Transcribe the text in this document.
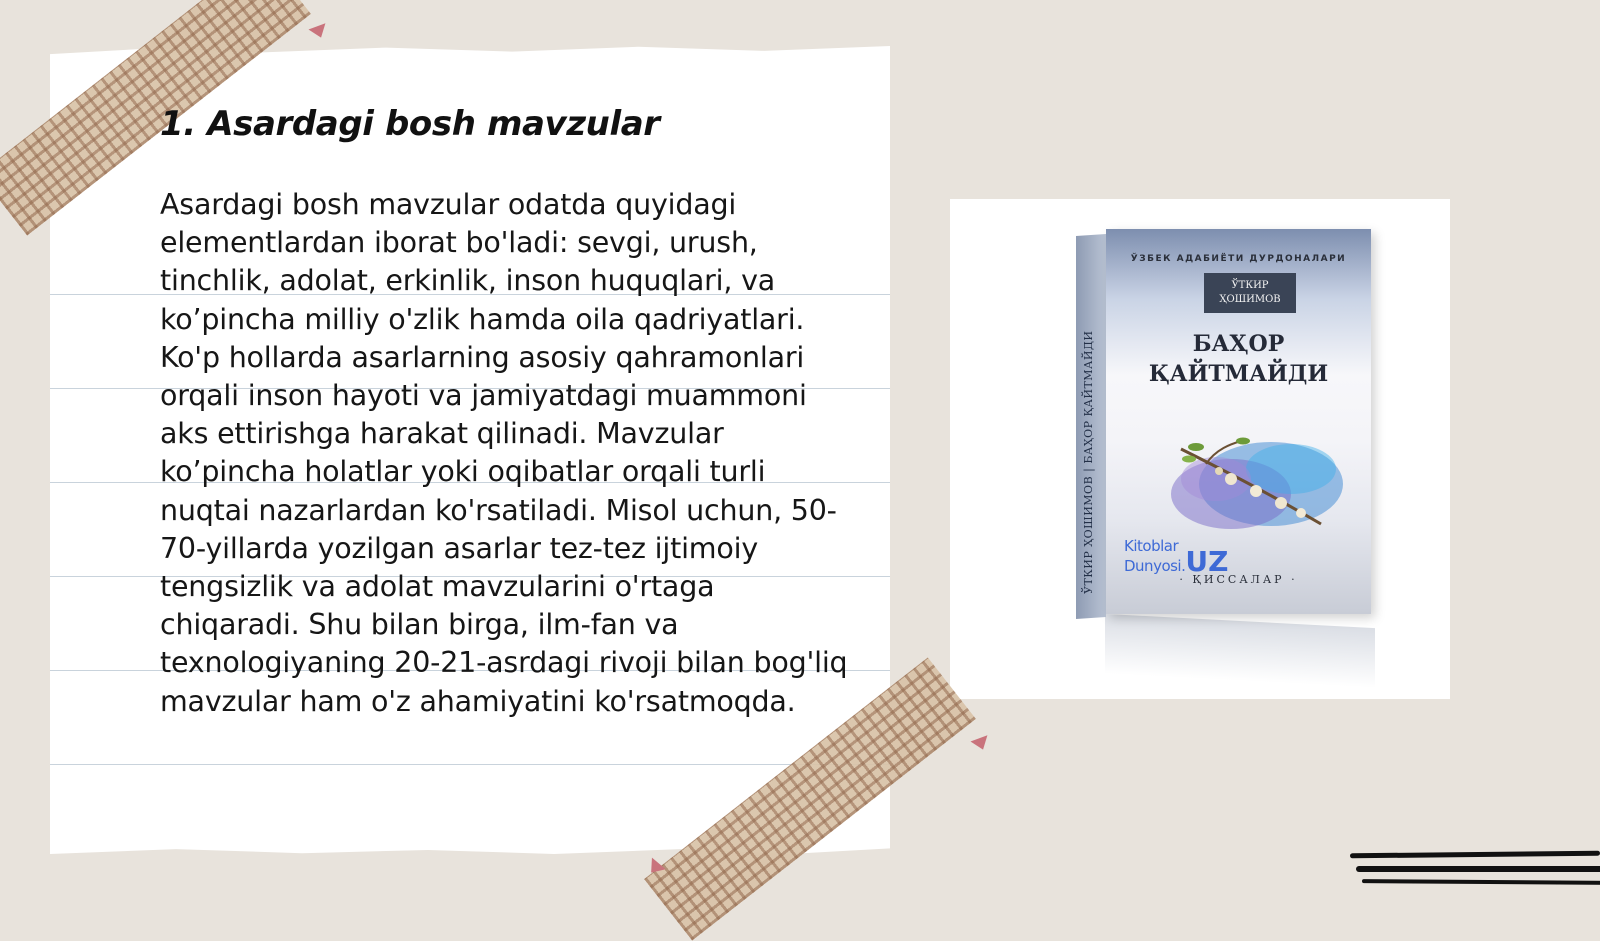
1. Asardagi bosh mavzular

Asardagi bosh mavzular odatda quyidagi elementlardan iborat bo'ladi: sevgi, urush, tinchlik, adolat, erkinlik, inson huquqlari, va ko’pincha milliy o'zlik hamda oila qadriyatlari. Ko'p hollarda asarlarning asosiy qahramonlari orqali inson hayoti va jamiyatdagi muammoni aks ettirishga harakat qilinadi. Mavzular ko’pincha holatlar yoki oqibatlar orqali turli nuqtai nazarlardan ko'rsatiladi. Misol uchun, 50-70-yillarda yozilgan asarlar tez-tez ijtimoiy tengsizlik va adolat mavzularini o'rtaga chiqaradi. Shu bilan birga, ilm-fan va texnologiyaning 20-21-asrdagi rivoji bilan bog'liq mavzular ham o'z ahamiyatini ko'rsatmoqda.

ЎТКИР ҲОШИМОВ | БАҲОР ҚАЙТМАЙДИ
ЎЗБЕК АДАБИЁТИ ДУРДОНАЛАРИ
ЎТКИР
ҲОШИМОВ
БАҲОР
ҚАЙТМАЙДИ
Kitoblar
Dunyosi.UZ
· ҚИССАЛАР ·
